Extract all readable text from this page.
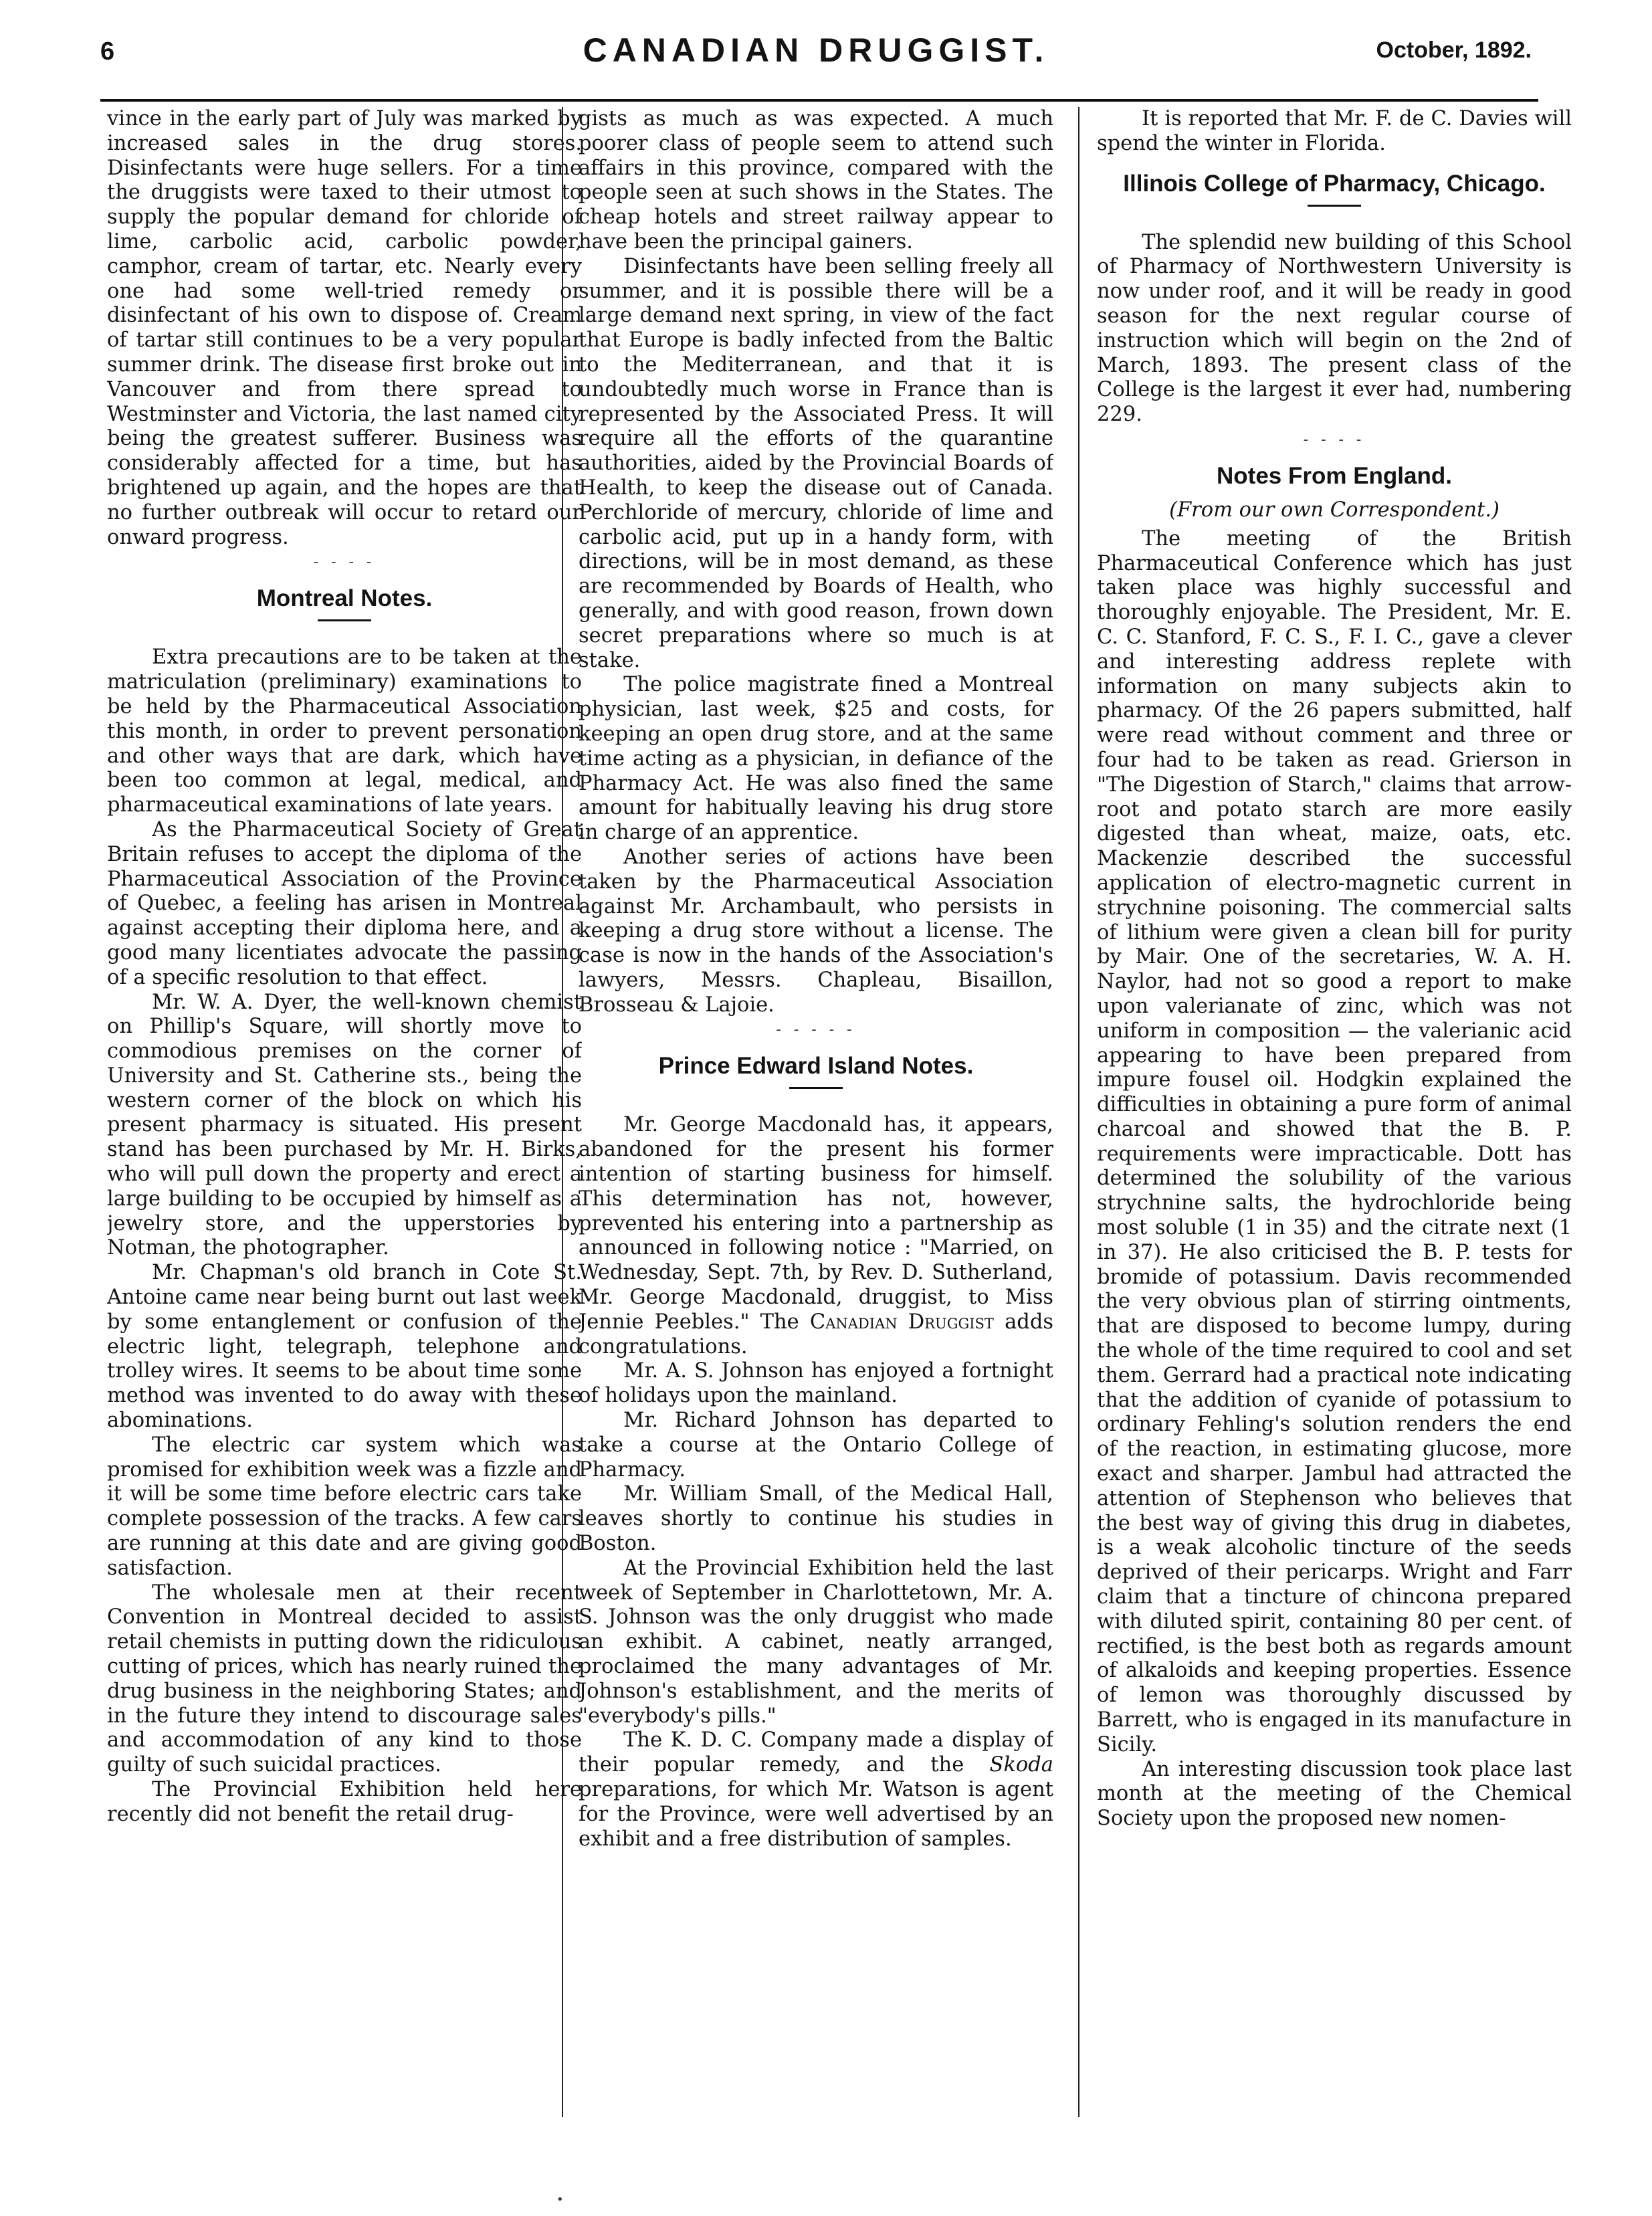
6	CANADIAN DRUGGIST.	October, 1892.

vince in the early part of July was marked by increased sales in the drug stores. Disinfectants were huge sellers. For a time the druggists were taxed to their utmost to supply the popular demand for chloride of lime, carbolic acid, carbolic powder, camphor, cream of tartar, etc. Nearly every one had some well-tried remedy or disinfectant of his own to dispose of. Cream of tartar still continues to be a very popular summer drink. The disease first broke out in Vancouver and from there spread to Westminster and Victoria, the last named city being the greatest sufferer. Business was considerably affected for a time, but has brightened up again, and the hopes are that no further outbreak will occur to retard our onward progress.

- - - -
Montreal Notes.

Extra precautions are to be taken at the matriculation (preliminary) examinations to be held by the Pharmaceutical Association this month, in order to prevent personation and other ways that are dark, which have been too common at legal, medical, and pharmaceutical examinations of late years.

As the Pharmaceutical Society of Great Britain refuses to accept the diploma of the Pharmaceutical Association of the Province of Quebec, a feeling has arisen in Montreal against accepting their diploma here, and a good many licentiates advocate the passing of a specific resolution to that effect.

Mr. W. A. Dyer, the well-known chemist on Phillip's Square, will shortly move to commodious premises on the corner of University and St. Catherine sts., being the western corner of the block on which his present pharmacy is situated. His present stand has been purchased by Mr. H. Birks, who will pull down the property and erect a large building to be occupied by himself as a jewelry store, and the upperstories by Notman, the photographer.

Mr. Chapman's old branch in Cote St. Antoine came near being burnt out last week by some entanglement or confusion of the electric light, telegraph, telephone and trolley wires. It seems to be about time some method was invented to do away with these abominations.

The electric car system which was promised for exhibition week was a fizzle and it will be some time before electric cars take complete possession of the tracks. A few cars are running at this date and are giving good satisfaction.

The wholesale men at their recent Convention in Montreal decided to assist retail chemists in putting down the ridiculous cutting of prices, which has nearly ruined the drug business in the neighboring States; and in the future they intend to discourage sales and accommodation of any kind to those guilty of such suicidal practices.

The Provincial Exhibition held here recently did not benefit the retail drug-

gists as much as was expected. A much poorer class of people seem to attend such affairs in this province, compared with the people seen at such shows in the States. The cheap hotels and street railway appear to have been the principal gainers.

Disinfectants have been selling freely all summer, and it is possible there will be a large demand next spring, in view of the fact that Europe is badly infected from the Baltic to the Mediterranean, and that it is undoubtedly much worse in France than is represented by the Associated Press. It will require all the efforts of the quarantine authorities, aided by the Provincial Boards of Health, to keep the disease out of Canada. Perchloride of mercury, chloride of lime and carbolic acid, put up in a handy form, with directions, will be in most demand, as these are recommended by Boards of Health, who generally, and with good reason, frown down secret preparations where so much is at stake.

The police magistrate fined a Montreal physician, last week, $25 and costs, for keeping an open drug store, and at the same time acting as a physician, in defiance of the Pharmacy Act. He was also fined the same amount for habitually leaving his drug store in charge of an apprentice.

Another series of actions have been taken by the Pharmaceutical Association against Mr. Archambault, who persists in keeping a drug store without a license. The case is now in the hands of the Association's lawyers, Messrs. Chapleau, Bisaillon, Brosseau & Lajoie.

- - - - -
Prince Edward Island Notes.

Mr. George Macdonald has, it appears, abandoned for the present his former intention of starting business for himself. This determination has not, however, prevented his entering into a partnership as announced in following notice : "Married, on Wednesday, Sept. 7th, by Rev. D. Sutherland, Mr. George Macdonald, druggist, to Miss Jennie Peebles." The Canadian Druggist adds congratulations.

Mr. A. S. Johnson has enjoyed a fortnight of holidays upon the mainland.

Mr. Richard Johnson has departed to take a course at the Ontario College of Pharmacy.

Mr. William Small, of the Medical Hall, leaves shortly to continue his studies in Boston.

At the Provincial Exhibition held the last week of September in Charlottetown, Mr. A. S. Johnson was the only druggist who made an exhibit. A cabinet, neatly arranged, proclaimed the many advantages of Mr. Johnson's establishment, and the merits of "everybody's pills."

The K. D. C. Company made a display of their popular remedy, and the Skoda preparations, for which Mr. Watson is agent for the Province, were well advertised by an exhibit and a free distribution of samples.

It is reported that Mr. F. de C. Davies will spend the winter in Florida.

Illinois College of Pharmacy, Chicago.

The splendid new building of this School of Pharmacy of Northwestern University is now under roof, and it will be ready in good season for the next regular course of instruction which will begin on the 2nd of March, 1893. The present class of the College is the largest it ever had, numbering 229.

- - - -
Notes From England.
(From our own Correspondent.)

The meeting of the British Pharmaceutical Conference which has just taken place was highly successful and thoroughly enjoyable. The President, Mr. E. C. C. Stanford, F. C. S., F. I. C., gave a clever and interesting address replete with information on many subjects akin to pharmacy. Of the 26 papers submitted, half were read without comment and three or four had to be taken as read. Grierson in "The Digestion of Starch," claims that arrow-root and potato starch are more easily digested than wheat, maize, oats, etc. Mackenzie described the successful application of electro-magnetic current in strychnine poisoning. The commercial salts of lithium were given a clean bill for purity by Mair. One of the secretaries, W. A. H. Naylor, had not so good a report to make upon valerianate of zinc, which was not uniform in composition — the valerianic acid appearing to have been prepared from impure fousel oil. Hodgkin explained the difficulties in obtaining a pure form of animal charcoal and showed that the B. P. requirements were impracticable. Dott has determined the solubility of the various strychnine salts, the hydrochloride being most soluble (1 in 35) and the citrate next (1 in 37). He also criticised the B. P. tests for bromide of potassium. Davis recommended the very obvious plan of stirring ointments, that are disposed to become lumpy, during the whole of the time required to cool and set them. Gerrard had a practical note indicating that the addition of cyanide of potassium to ordinary Fehling's solution renders the end of the reaction, in estimating glucose, more exact and sharper. Jambul had attracted the attention of Stephenson who believes that the best way of giving this drug in diabetes, is a weak alcoholic tincture of the seeds deprived of their pericarps. Wright and Farr claim that a tincture of chincona prepared with diluted spirit, containing 80 per cent. of rectified, is the best both as regards amount of alkaloids and keeping properties. Essence of lemon was thoroughly discussed by Barrett, who is engaged in its manufacture in Sicily.

An interesting discussion took place last month at the meeting of the Chemical Society upon the proposed new nomen-

•
